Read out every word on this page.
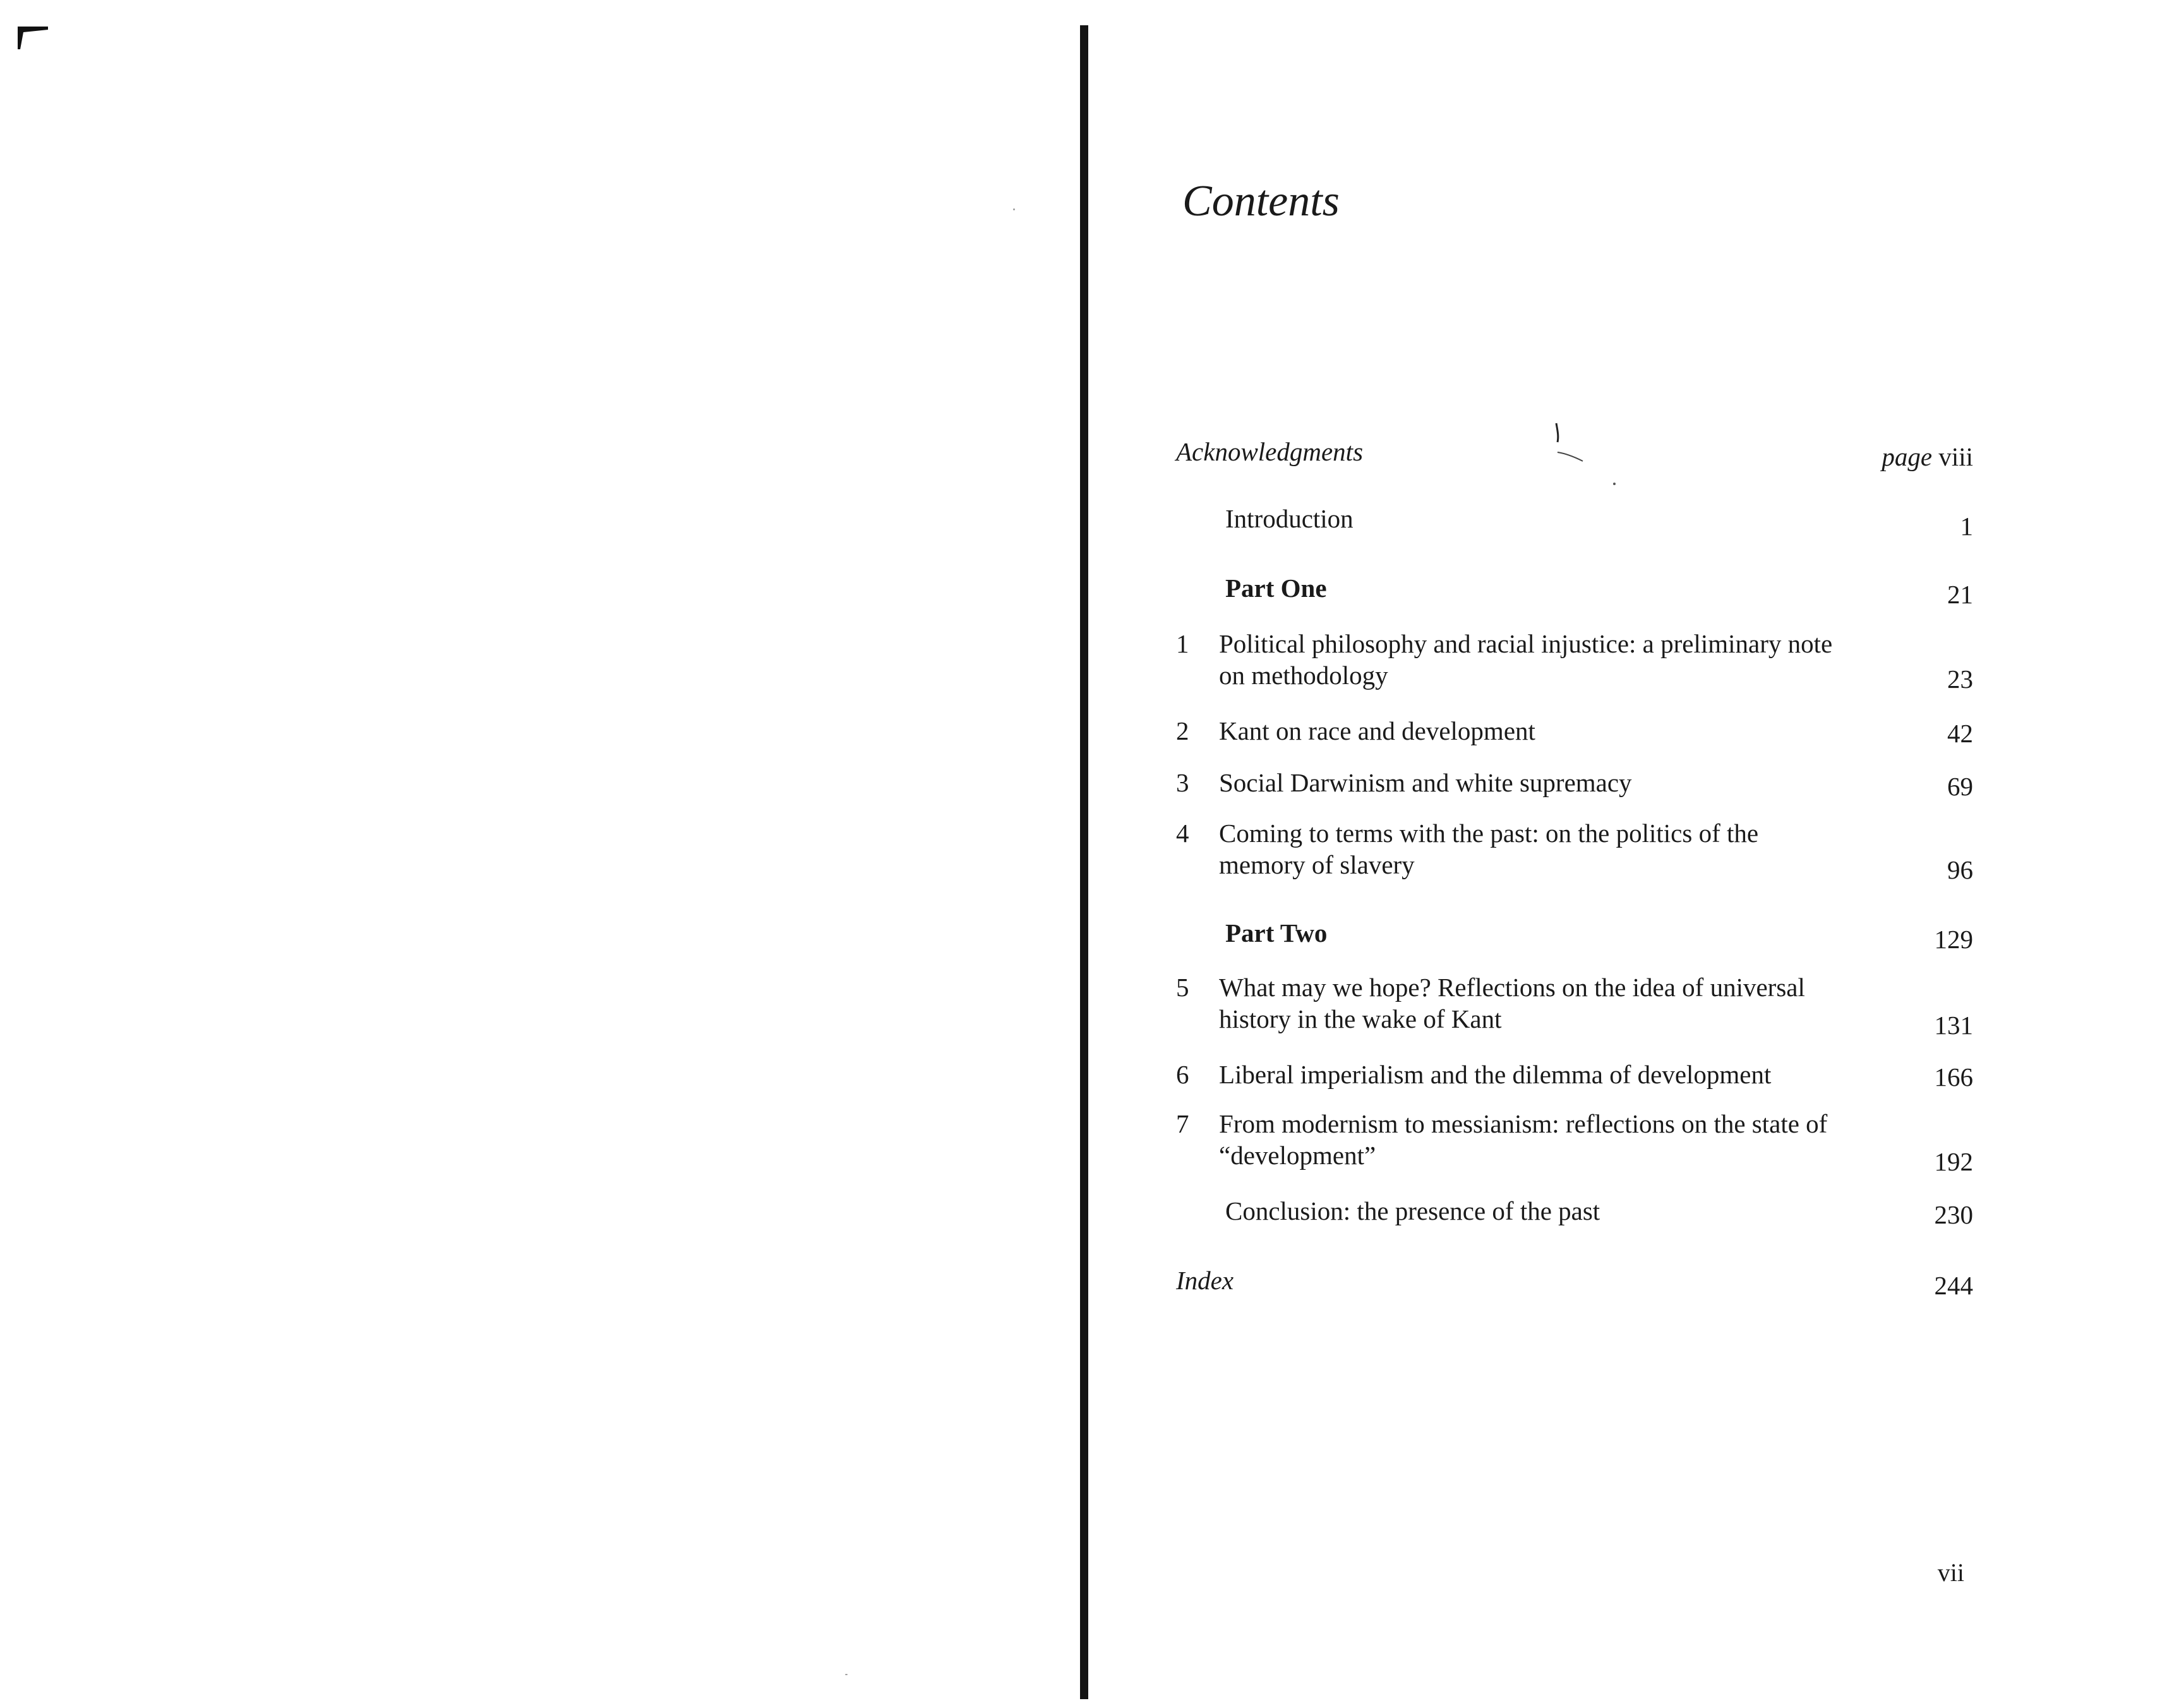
Contents
Acknowledgments	page viii
Introduction	1
Part One	21
1 Political philosophy and racial injustice: a preliminary note
on methodology	23
2 Kant on race and development	42
3 Social Darwinism and white supremacy	69
4 Coming to terms with the past: on the politics of the
memory of slavery	96
Part Two	129
5 What may we hope? Reflections on the idea of universal
history in the wake of Kant	131
6 Liberal imperialism and the dilemma of development	166
7 From modernism to messianism: reflections on the state of
“development”	192
Conclusion: the presence of the past	230
Index	244
vii
